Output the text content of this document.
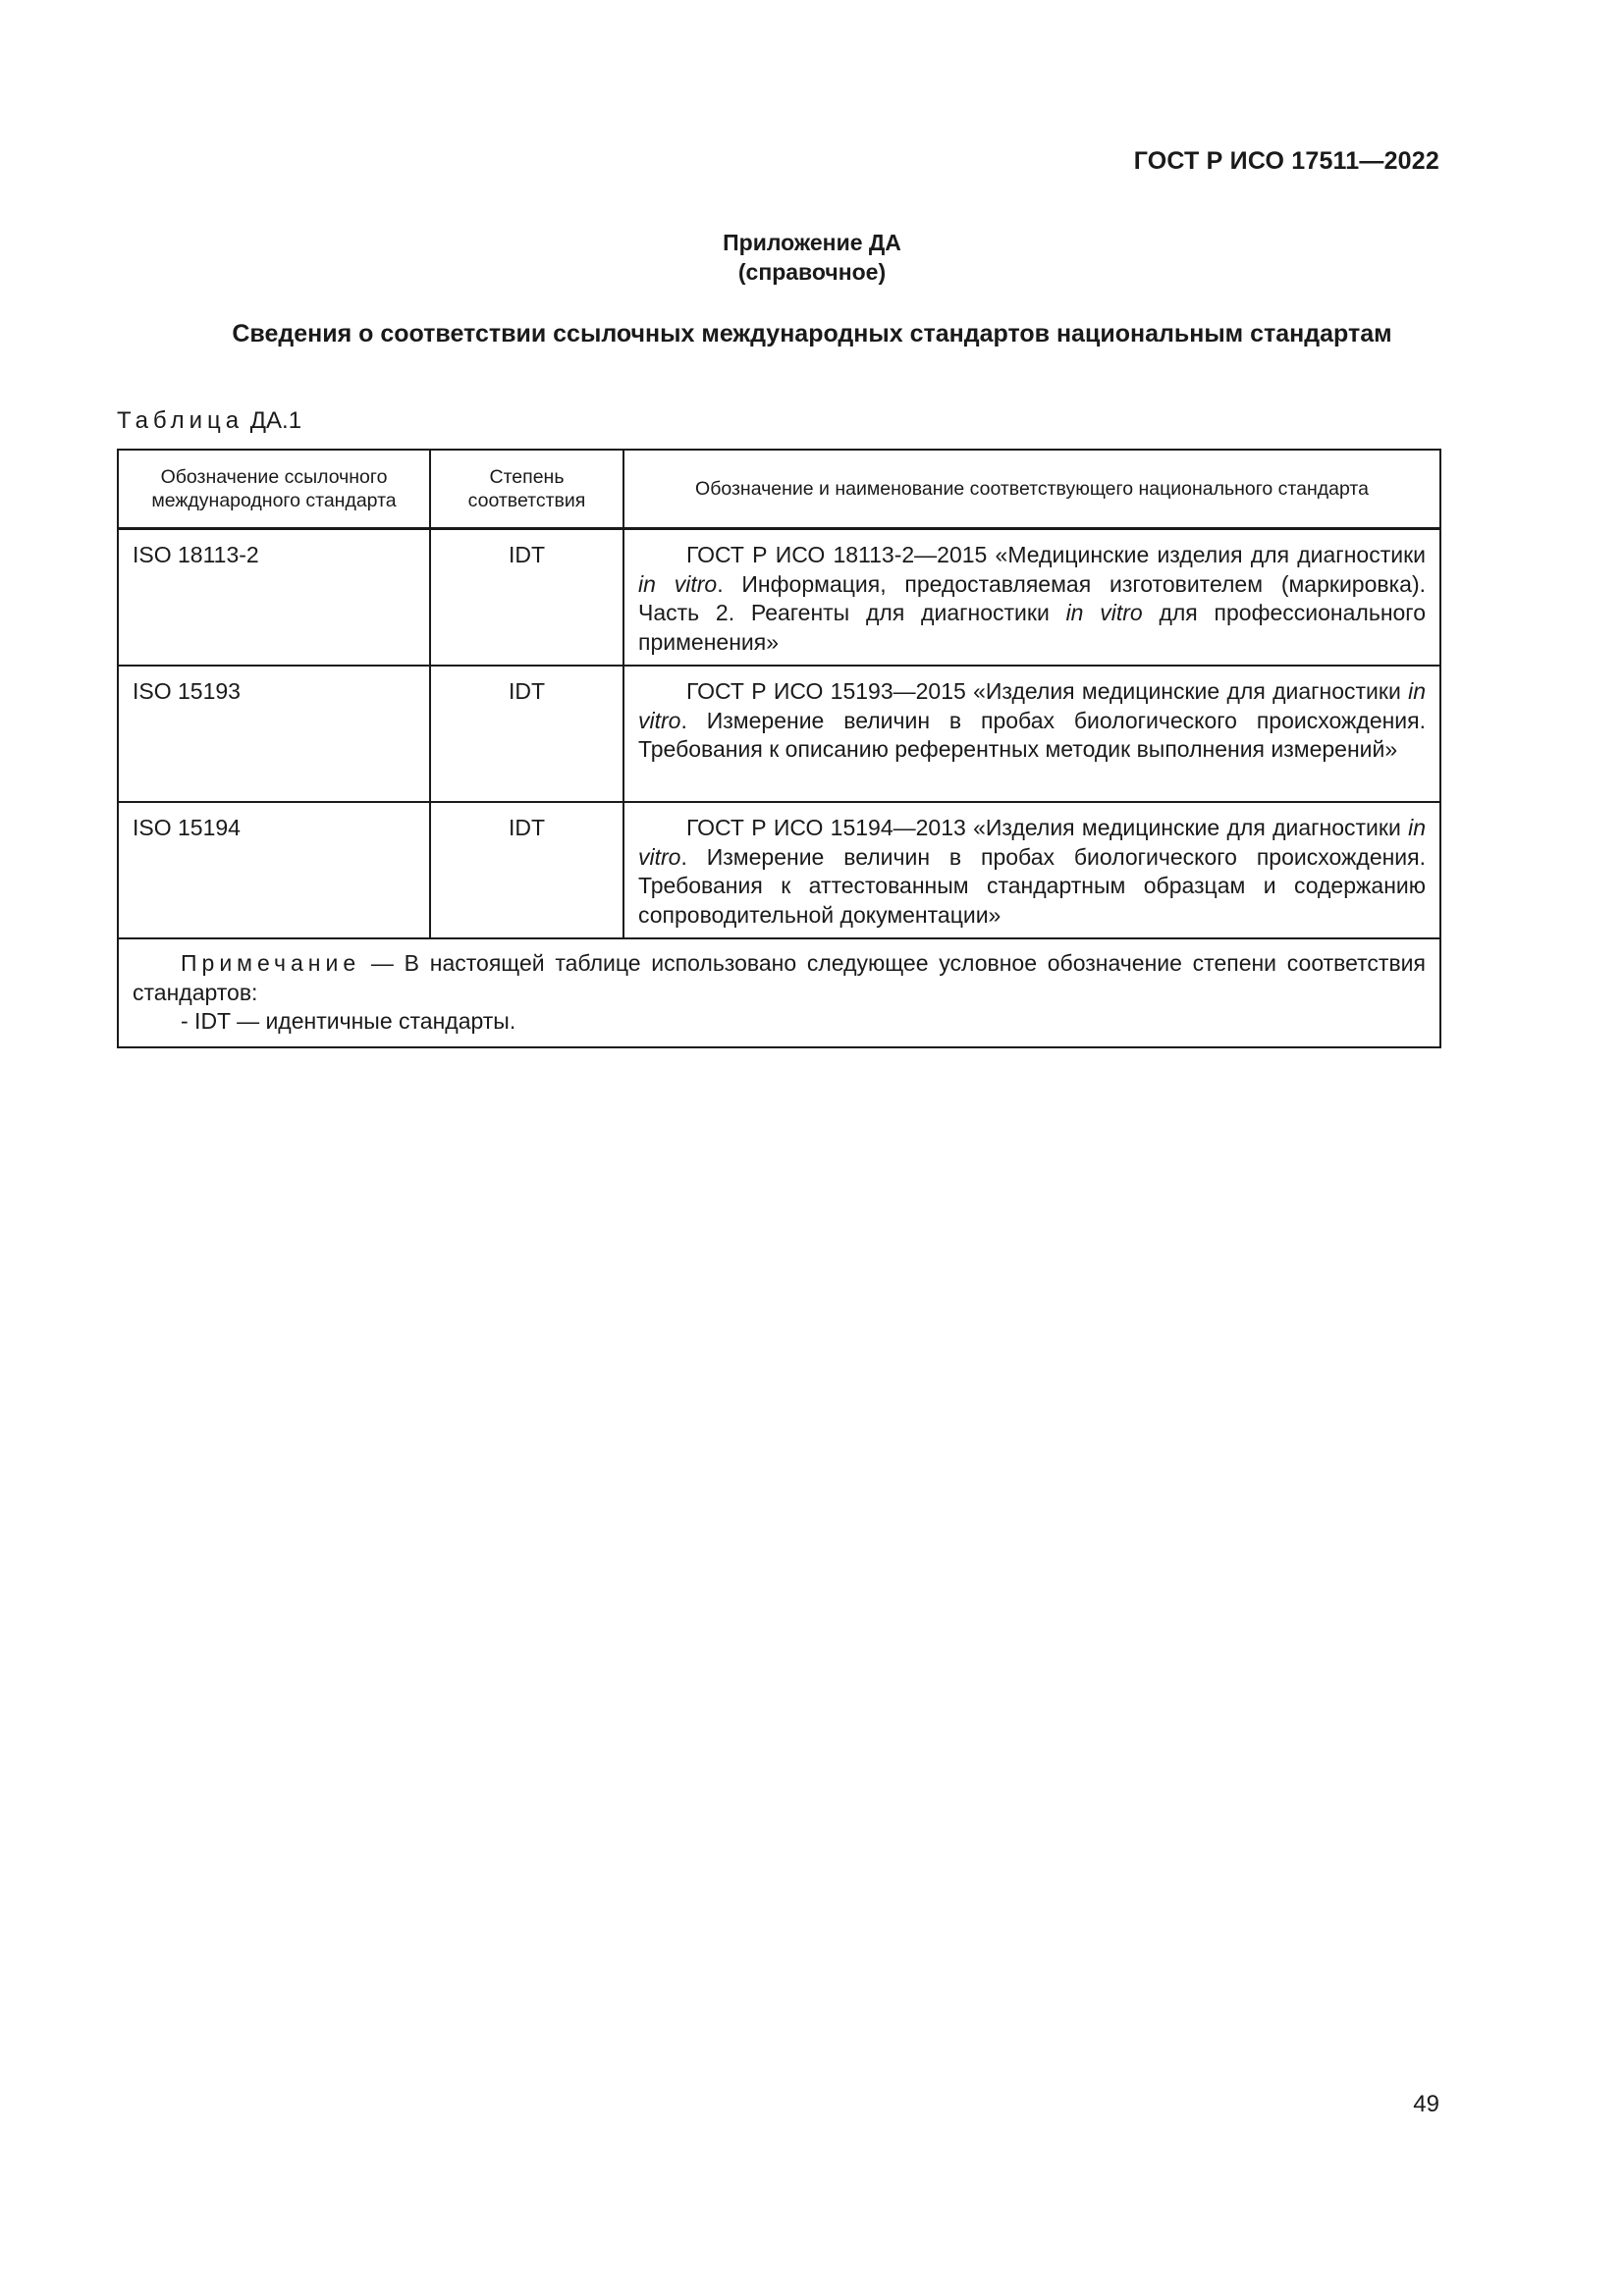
ГОСТ Р ИСО 17511—2022
Приложение ДА
(справочное)
Сведения о соответствии ссылочных международных стандартов национальным стандартам
Таблица ДА.1
Обозначение ссылочного международного стандарта	Степень соответствия	Обозначение и наименование соответствующего национального стандарта
ISO 18113-2	IDT	ГОСТ Р ИСО 18113-2—2015 «Медицинские изделия для диагностики in vitro. Информация, предоставляемая изготовителем (маркировка). Часть 2. Реагенты для диагностики in vitro для профессионального применения»
ISO 15193	IDT	ГОСТ Р ИСО 15193—2015 «Изделия медицинские для диагностики in vitro. Измерение величин в пробах биологического происхождения. Требования к описанию референтных методик выполнения измерений»
ISO 15194	IDT	ГОСТ Р ИСО 15194—2013 «Изделия медицинские для диагностики in vitro. Измерение величин в пробах биологического происхождения. Требования к аттестованным стандартным образцам и содержанию сопроводительной документации»

Примечание — В настоящей таблице использовано следующее условное обозначение степени соответствия стандартов:
- IDT — идентичные стандарты.		
49
